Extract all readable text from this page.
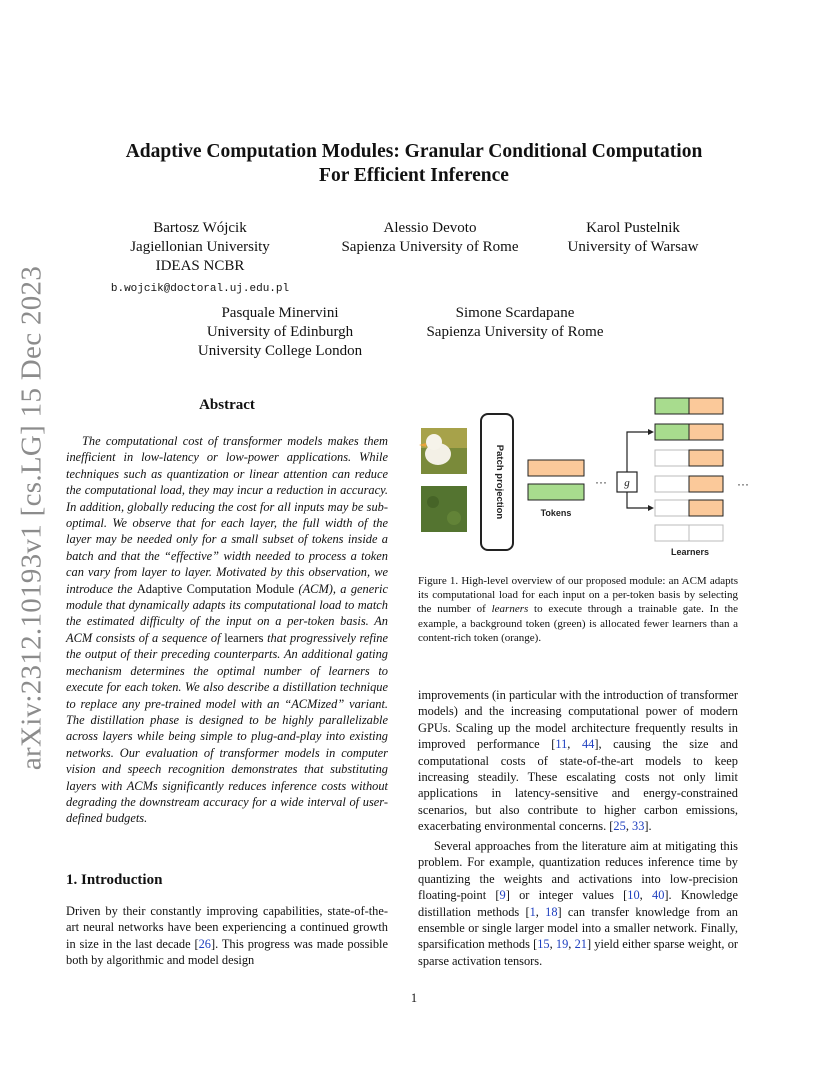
arXiv:2312.10193v1 [cs.LG] 15 Dec 2023
Adaptive Computation Modules: Granular Conditional Computation
For Efficient Inference
Bartosz Wójcik
Jagiellonian University
IDEAS NCBR
b.wojcik@doctoral.uj.edu.pl
Alessio Devoto
Sapienza University of Rome
Karol Pustelnik
University of Warsaw
Pasquale Minervini
University of Edinburgh
University College London
Simone Scardapane
Sapienza University of Rome
Abstract
The computational cost of transformer models makes them inefficient in low-latency or low-power applications. While techniques such as quantization or linear attention can reduce the computational load, they may incur a reduction in accuracy. In addition, globally reducing the cost for all inputs may be sub-optimal. We observe that for each layer, the full width of the layer may be needed only for a small subset of tokens inside a batch and that the “effective” width needed to process a token can vary from layer to layer. Motivated by this observation, we introduce the Adaptive Computation Module (ACM), a generic module that dynamically adapts its computational load to match the estimated difficulty of the input on a per-token basis. An ACM consists of a sequence of learners that progressively refine the output of their preceding counterparts. An additional gating mechanism determines the optimal number of learners to execute for each token. We also describe a distillation technique to replace any pre-trained model with an “ACMized” variant. The distillation phase is designed to be highly parallelizable across layers while being simple to plug-and-play into existing networks. Our evaluation of transformer models in computer vision and speech recognition demonstrates that substituting layers with ACMs significantly reduces inference costs without degrading the downstream accuracy for a wide interval of user-defined budgets.
1. Introduction
Driven by their constantly improving capabilities, state-of-the-art neural networks have been experiencing a continued growth in size in the last decade [26]. This progress was made possible both by algorithmic and model design
Patch projection	Tokens
··· g
Learners
···
Figure 1. High-level overview of our proposed module: an ACM adapts its computational load for each input on a per-token basis by selecting the number of learners to execute through a trainable gate. In the example, a background token (green) is allocated fewer learners than a content-rich token (orange).
improvements (in particular with the introduction of transformer models) and the increasing computational power of modern GPUs. Scaling up the model architecture frequently results in improved performance [11, 44], causing the size and computational costs of state-of-the-art models to keep increasing steadily. These escalating costs not only limit applications in latency-sensitive and energy-constrained scenarios, but also contribute to higher carbon emissions, exacerbating environmental concerns. [25, 33].
Several approaches from the literature aim at mitigating this problem. For example, quantization reduces inference time by quantizing the weights and activations into low-precision floating-point [9] or integer values [10, 40]. Knowledge distillation methods [1, 18] can transfer knowledge from an ensemble or single larger model into a smaller network. Finally, sparsification methods [15, 19, 21] yield either sparse weight, or sparse activation tensors.
1
